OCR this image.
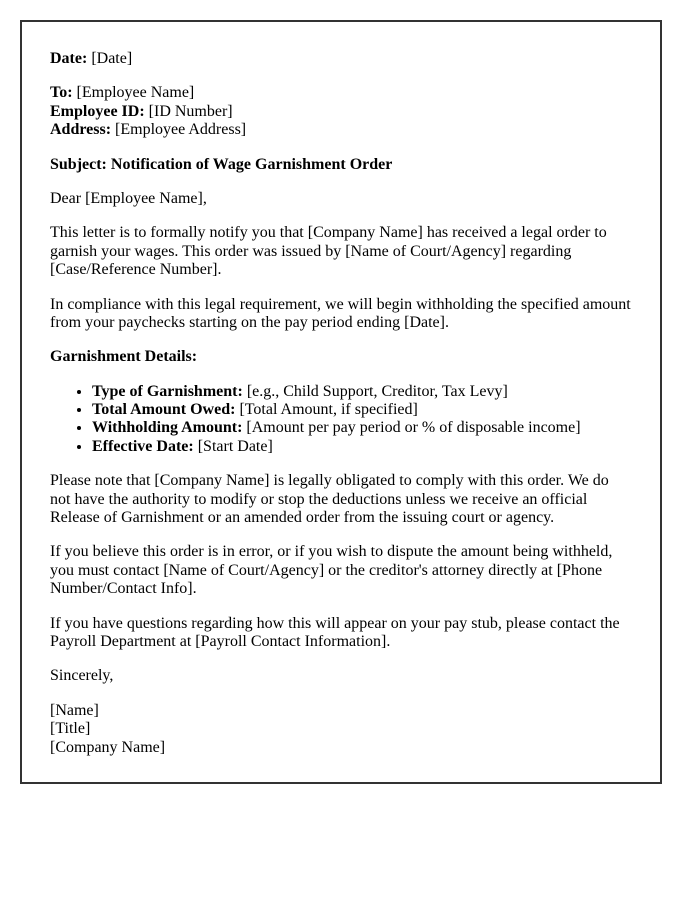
Date: [Date]

To: [Employee Name]

Employee ID: [ID Number]

Address: [Employee Address]

Subject: Notification of Wage Garnishment Order

Dear [Employee Name],

This letter is to formally notify you that [Company Name] has received a legal order to garnish your wages. This order was issued by [Name of Court/Agency] regarding [Case/Reference Number].

In compliance with this legal requirement, we will begin withholding the specified amount from your paychecks starting on the pay period ending [Date].

Garnishment Details:

• Type of Garnishment: [e.g., Child Support, Creditor, Tax Levy]
• Total Amount Owed: [Total Amount, if specified]
• Withholding Amount: [Amount per pay period or % of disposable income]
• Effective Date: [Start Date]

Please note that [Company Name] is legally obligated to comply with this order. We do not have the authority to modify or stop the deductions unless we receive an official Release of Garnishment or an amended order from the issuing court or agency.

If you believe this order is in error, or if you wish to dispute the amount being withheld, you must contact [Name of Court/Agency] or the creditor's attorney directly at [Phone Number/Contact Info].

If you have questions regarding how this will appear on your pay stub, please contact the Payroll Department at [Payroll Contact Information].

Sincerely,

[Name]

[Title]

[Company Name]
